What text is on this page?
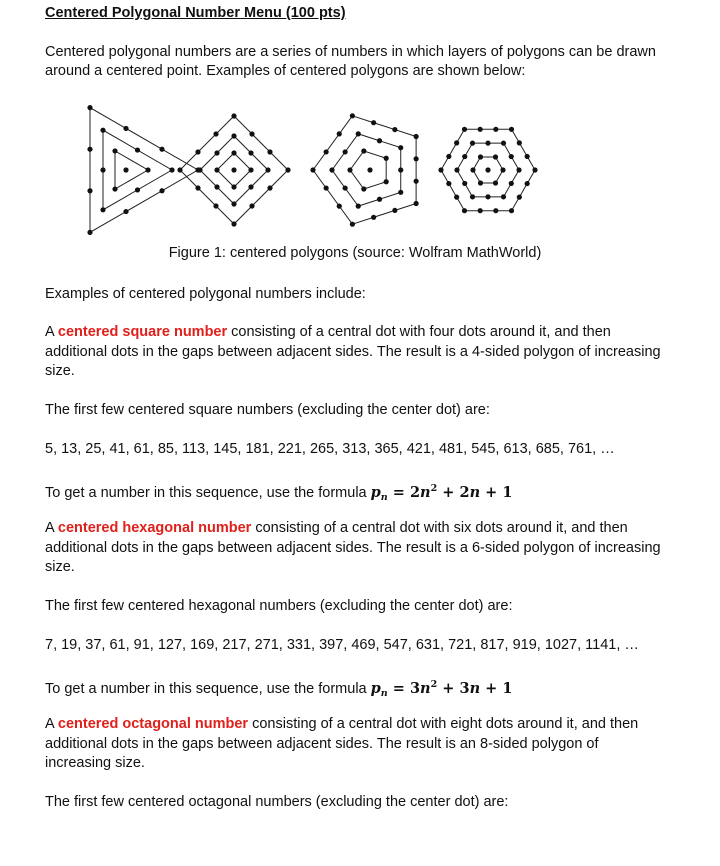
Centered Polygonal Number Menu (100 pts)
Centered polygonal numbers are a series of numbers in which layers of polygons can be drawn
around a centered point. Examples of centered polygons are shown below:
Figure 1: centered polygons (source: Wolfram MathWorld)
Examples of centered polygonal numbers include:
A centered square number consisting of a central dot with four dots around it, and then
additional dots in the gaps between adjacent sides. The result is a 4-sided polygon of increasing
size.
The first few centered square numbers (excluding the center dot) are:
5, 13, 25, 41, 61, 85, 113, 145, 181, 221, 265, 313, 365, 421, 481, 545, 613, 685, 761, …
To get a number in this sequence, use the formula $p_n = 2n^2 + 2n + 1$
A centered hexagonal number consisting of a central dot with six dots around it, and then
additional dots in the gaps between adjacent sides. The result is a 6-sided polygon of increasing
size.
The first few centered hexagonal numbers (excluding the center dot) are:
7, 19, 37, 61, 91, 127, 169, 217, 271, 331, 397, 469, 547, 631, 721, 817, 919, 1027, 1141, …
To get a number in this sequence, use the formula $p_n = 3n^2 + 3n + 1$
A centered octagonal number consisting of a central dot with eight dots around it, and then
additional dots in the gaps between adjacent sides. The result is an 8-sided polygon of
increasing size.
The first few centered octagonal numbers (excluding the center dot) are:
